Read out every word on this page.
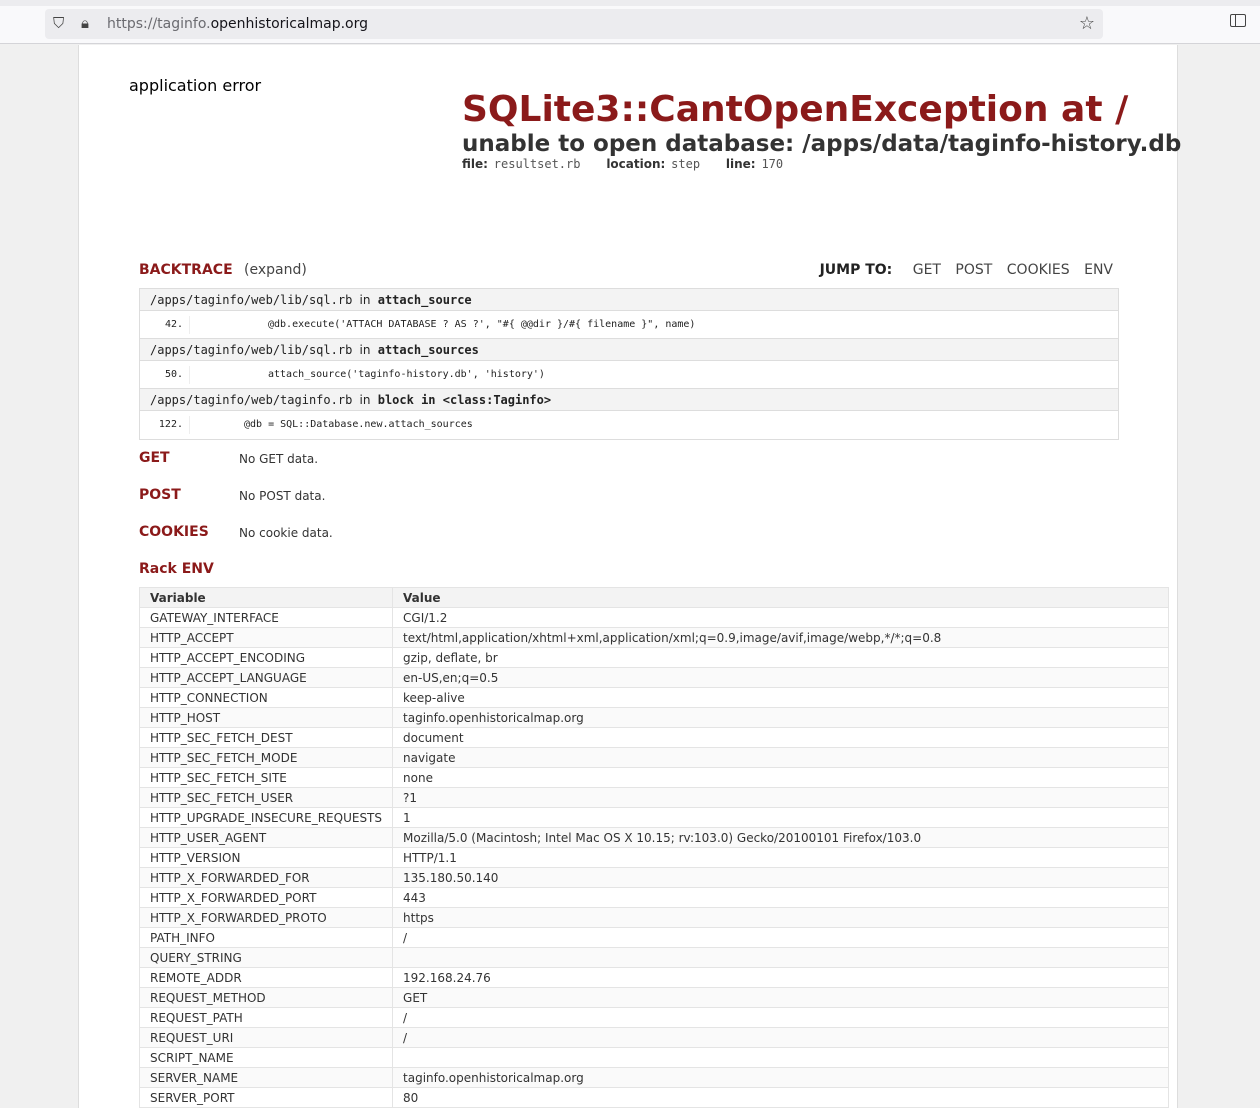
⛉ 🔒︎ https://taginfo.openhistoricalmap.org	☆
application error
SQLite3::CantOpenException at /
unable to open database: /apps/data/taginfo-history.db
file: resultset.rb location: step line: 170
BACKTRACE (expand)	JUMP TO: GET POST COOKIES ENV
/apps/taginfo/web/lib/sql.rb in attach_source
42.	@db.execute('ATTACH DATABASE ? AS ?', "#{ @@dir }/#{ filename }", name)
/apps/taginfo/web/lib/sql.rb in attach_sources
50.	attach_source('taginfo-history.db', 'history')
/apps/taginfo/web/taginfo.rb in block in <class:Taginfo>
122.	@db = SQL::Database.new.attach_sources
GET	No GET data.
POST	No POST data.
COOKIES	No cookie data.
Rack ENV
Variable	Value
GATEWAY_INTERFACE	CGI/1.2
HTTP_ACCEPT	text/html,application/xhtml+xml,application/xml;q=0.9,image/avif,image/webp,*/*;q=0.8
HTTP_ACCEPT_ENCODING	gzip, deflate, br
HTTP_ACCEPT_LANGUAGE	en-US,en;q=0.5
HTTP_CONNECTION	keep-alive
HTTP_HOST	taginfo.openhistoricalmap.org
HTTP_SEC_FETCH_DEST	document
HTTP_SEC_FETCH_MODE	navigate
HTTP_SEC_FETCH_SITE	none
HTTP_SEC_FETCH_USER	?1
HTTP_UPGRADE_INSECURE_REQUESTS	1
HTTP_USER_AGENT	Mozilla/5.0 (Macintosh; Intel Mac OS X 10.15; rv:103.0) Gecko/20100101 Firefox/103.0
HTTP_VERSION	HTTP/1.1
HTTP_X_FORWARDED_FOR	135.180.50.140
HTTP_X_FORWARDED_PORT	443
HTTP_X_FORWARDED_PROTO	https
PATH_INFO	/
QUERY_STRING	
REMOTE_ADDR	192.168.24.76
REQUEST_METHOD	GET
REQUEST_PATH	/
REQUEST_URI	/
SCRIPT_NAME	
SERVER_NAME	taginfo.openhistoricalmap.org
SERVER_PORT	80
